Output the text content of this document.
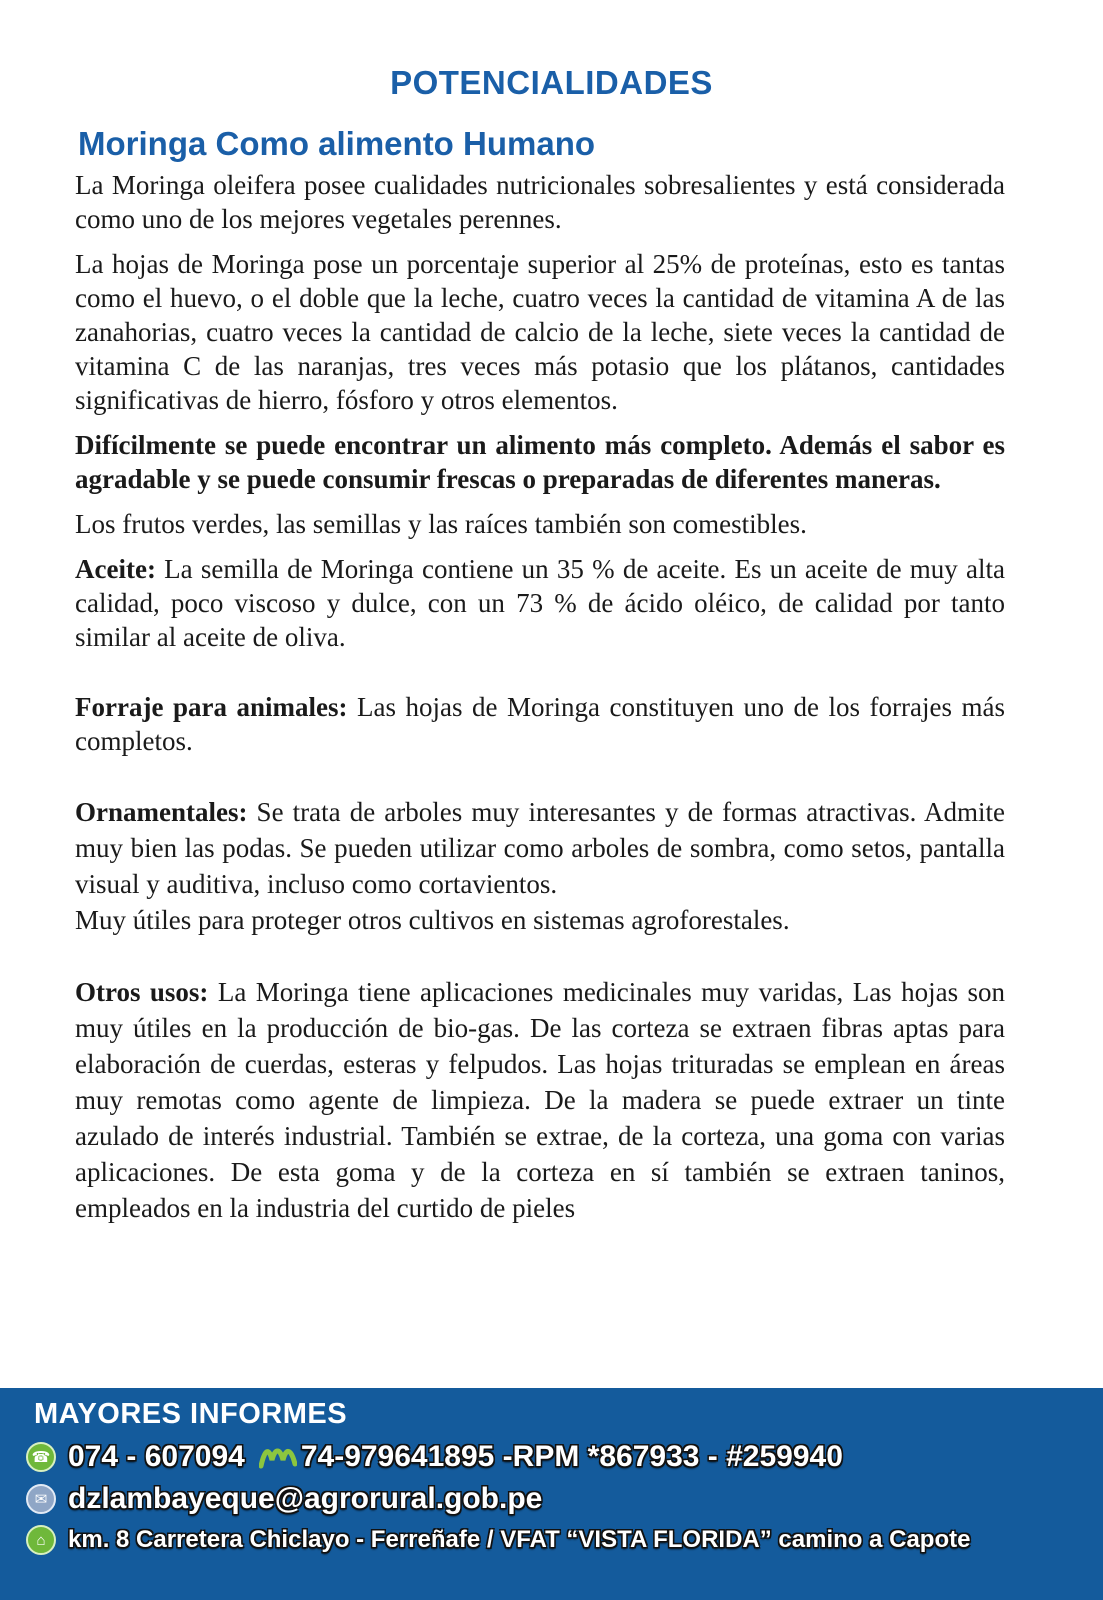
POTENCIALIDADES
Moringa Como alimento Humano

La Moringa oleifera posee cualidades nutricionales sobresalientes y está considerada como uno de los mejores vegetales perennes.

La hojas de Moringa pose un porcentaje superior al 25% de proteínas, esto es tantas como el huevo, o el doble que la leche, cuatro veces la cantidad de vitamina A de las zanahorias, cuatro veces la cantidad de calcio de la leche, siete veces la cantidad de vitamina C de las naranjas, tres veces más potasio que los plátanos, cantidades significativas de hierro, fósforo y otros elementos.

Difícilmente se puede encontrar un alimento más completo. Además el sabor es agradable y se puede consumir frescas o preparadas de diferentes maneras.

Los frutos verdes, las semillas y las raíces también son comestibles.

Aceite: La semilla de Moringa contiene un 35 % de aceite. Es un aceite de muy alta calidad, poco viscoso y dulce, con un 73 % de ácido oléico, de calidad por tanto similar al aceite de oliva.

Forraje para animales: Las hojas de Moringa constituyen uno de los forrajes más completos.

Ornamentales: Se trata de arboles muy interesantes y de formas atractivas. Admite muy bien las podas. Se pueden utilizar como arboles de sombra, como setos, pantalla visual y auditiva, incluso como cortavientos.

Muy útiles para proteger otros cultivos en sistemas agroforestales.

Otros usos: La Moringa tiene aplicaciones medicinales muy varidas, Las hojas son muy útiles en la producción de bio-gas. De las corteza se extraen fibras aptas para elaboración de cuerdas, esteras y felpudos. Las hojas trituradas se emplean en áreas muy remotas como agente de limpieza. De la madera se puede extraer un tinte azulado de interés industrial. También se extrae, de la corteza, una goma con varias aplicaciones. De esta goma y de la corteza en sí también se extraen taninos, empleados en la industria del curtido de pieles

MAYORES INFORMES
☎ 074 - 607094 74-979641895 -RPM *867933 - #259940
✉ dzlambayeque@agrorural.gob.pe
⌂ km. 8 Carretera Chiclayo - Ferreñafe / VFAT “VISTA FLORIDA” camino a Capote
